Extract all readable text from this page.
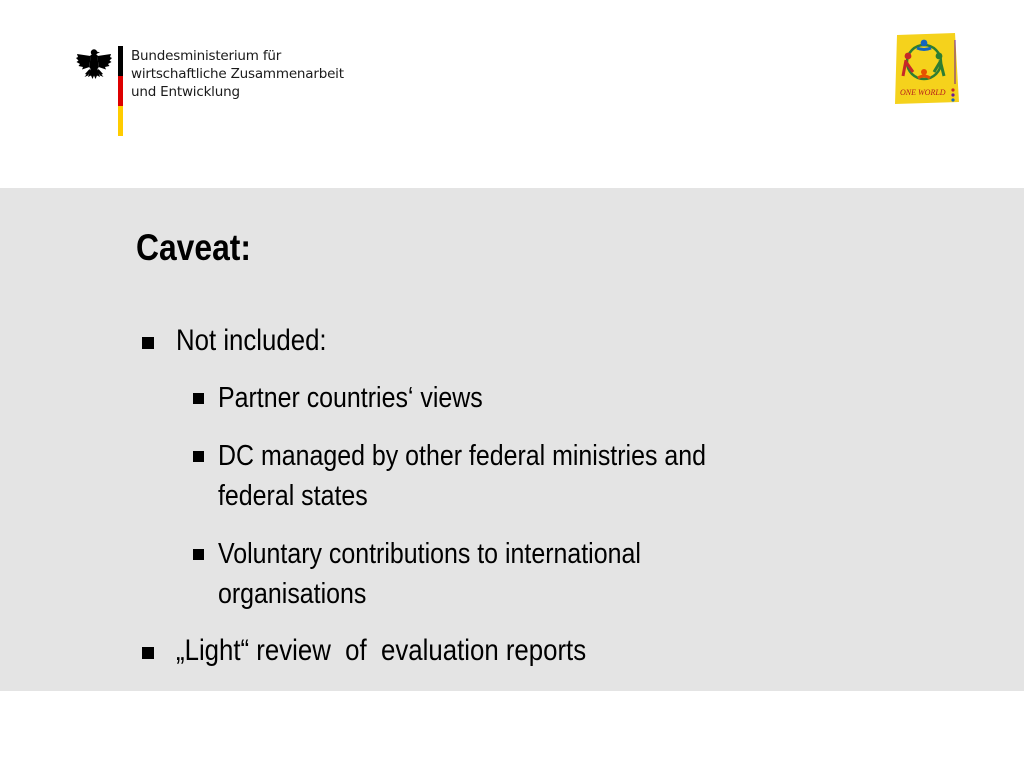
Bundesministerium für
wirtschaftliche Zusammenarbeit
und Entwicklung	ONE WORLD
Caveat:
Not included:
Partner countries‘ views
DC managed by other federal ministries and
federal states
Voluntary contributions to international
organisations
„Light“ review  of  evaluation reports
